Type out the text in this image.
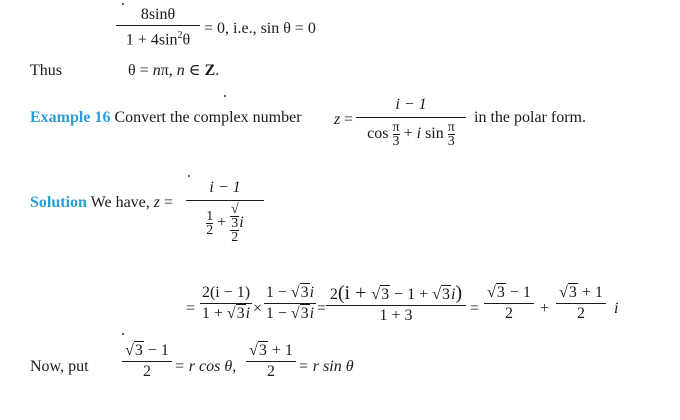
8sinθ
$1 + 4\sin^2\theta$
= 0, i.e., sin θ = 0
Thus	θ = nπ, n ∈ Z.
Example 16 Convert the complex number z =
i − 1
$\cos \frac{\pi}{3} + i$ $\sin \frac{\pi}{3}$
in the polar form.
Solution We have, z =
i − 1
$\frac{1}{2}$ + √
3
2 i
=
2(i − 1)
1 + √3i ×
1 − √3i
1 − √3i =
2(i + √3 − 1 + √3i)
1 + 3	=
√3 − 1
2	+
√3 + 1
2	i
Now, put
√3 − 1
2	= r cos θ,
√3 + 1
2	= r sin θ
